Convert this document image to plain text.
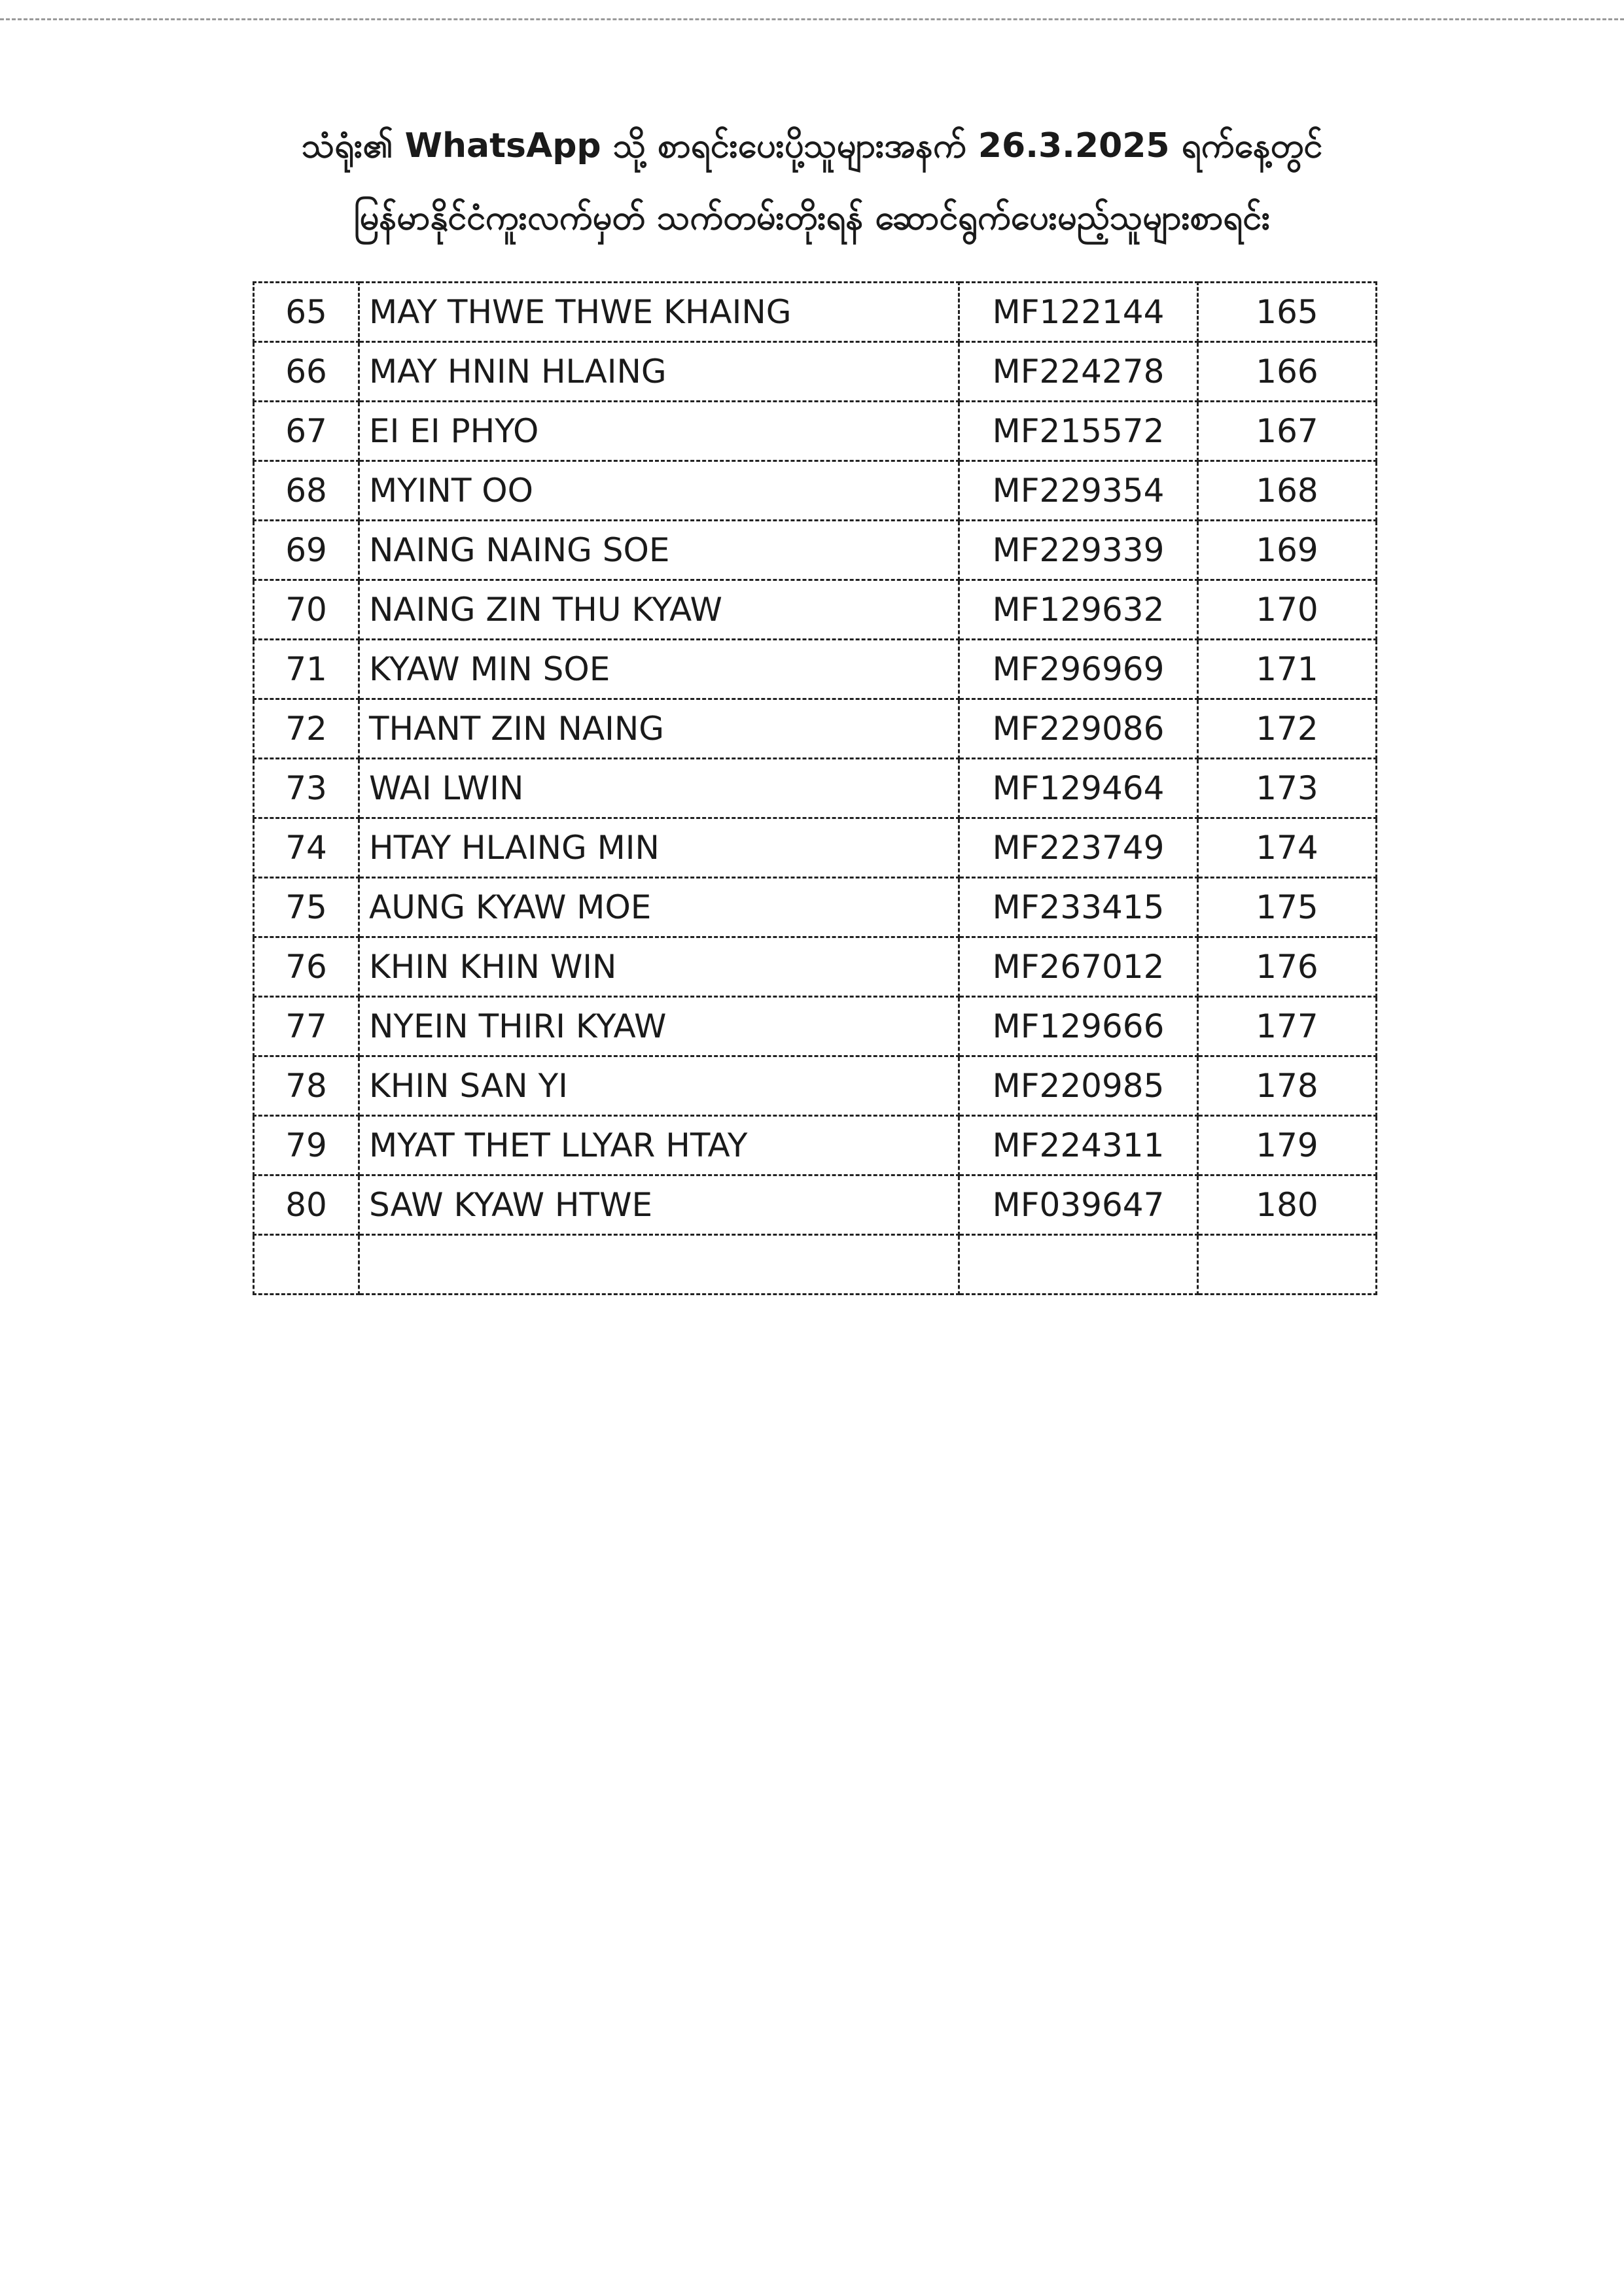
သံရုံး၏ WhatsApp သို့ စာရင်းပေးပို့သူများအနက် 26.3.2025 ရက်နေ့တွင်
မြန်မာနိုင်ငံကူးလက်မှတ် သက်တမ်းတိုးရန် ဆောင်ရွက်ပေးမည့်သူများစာရင်း
65	MAY THWE THWE KHAING	MF122144	165
66	MAY HNIN HLAING	MF224278	166
67	EI EI PHYO	MF215572	167
68	MYINT OO	MF229354	168
69	NAING NAING SOE	MF229339	169
70	NAING ZIN THU KYAW	MF129632	170
71	KYAW MIN SOE	MF296969	171
72	THANT ZIN NAING	MF229086	172
73	WAI LWIN	MF129464	173
74	HTAY HLAING MIN	MF223749	174
75	AUNG KYAW MOE	MF233415	175
76	KHIN KHIN WIN	MF267012	176
77	NYEIN THIRI KYAW	MF129666	177
78	KHIN SAN YI	MF220985	178
79	MYAT THET LLYAR HTAY	MF224311	179
80	SAW KYAW HTWE	MF039647	180
